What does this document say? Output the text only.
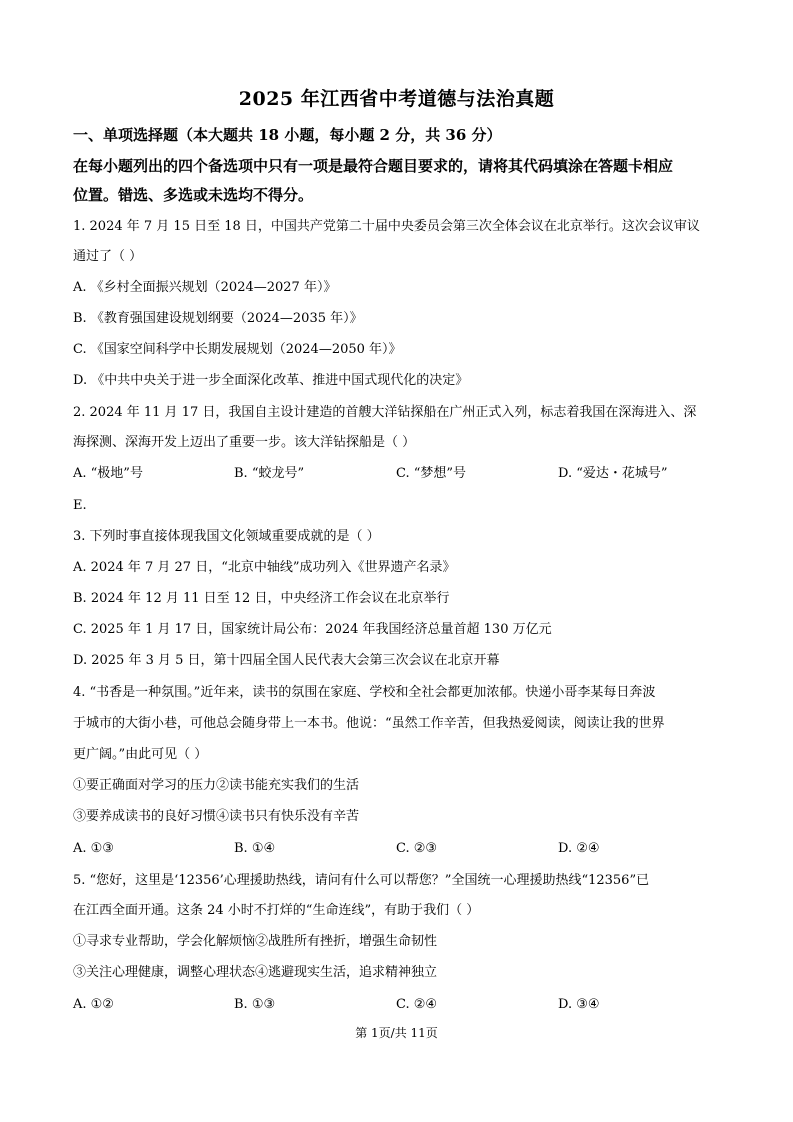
2025 年江西省中考道德与法治真题
一、单项选择题（本大题共 18 小题，每小题 2 分，共 36 分）
在每小题列出的四个备选项中只有一项是最符合题目要求的，请将其代码填涂在答题卡相应
位置。错选、多选或未选均不得分。
1. 2024 年 7 月 15 日至 18 日，中国共产党第二十届中央委员会第三次全体会议在北京举行。这次会议审议
通过了（ ）
A. 《乡村全面振兴规划（2024—2027 年）》
B. 《教育强国建设规划纲要（2024—2035 年）》
C. 《国家空间科学中长期发展规划（2024—2050 年）》
D. 《中共中央关于进一步全面深化改革、推进中国式现代化的决定》
2. 2024 年 11 月 17 日，我国自主设计建造的首艘大洋钻探船在广州正式入列，标志着我国在深海进入、深
海探测、深海开发上迈出了重要一步。该大洋钻探船是（ ）
A. “极地”号	B. “蛟龙号”	C. “梦想”号	D. “爱达・花城号”
E.
3. 下列时事直接体现我国文化领域重要成就的是（ ）
A. 2024 年 7 月 27 日，“北京中轴线”成功列入《世界遗产名录》
B. 2024 年 12 月 11 日至 12 日，中央经济工作会议在北京举行
C. 2025 年 1 月 17 日，国家统计局公布：2024 年我国经济总量首超 130 万亿元
D. 2025 年 3 月 5 日，第十四届全国人民代表大会第三次会议在北京开幕
4. “书香是一种氛围。”近年来，读书的氛围在家庭、学校和全社会都更加浓郁。快递小哥李某每日奔波
于城市的大街小巷，可他总会随身带上一本书。他说：“虽然工作辛苦，但我热爱阅读，阅读让我的世界
更广阔。”由此可见（ ）
①要正确面对学习的压力②读书能充实我们的生活
③要养成读书的良好习惯④读书只有快乐没有辛苦
A. ①③	B. ①④	C. ②③	D. ②④
5. “您好，这里是‘12356’心理援助热线，请问有什么可以帮您？”全国统一心理援助热线“12356”已
在江西全面开通。这条 24 小时不打烊的“生命连线”，有助于我们（ ）
①寻求专业帮助，学会化解烦恼②战胜所有挫折，增强生命韧性
③关注心理健康，调整心理状态④逃避现实生活，追求精神独立
A. ①②	B. ①③	C. ②④	D. ③④
第 1页/共 11页
